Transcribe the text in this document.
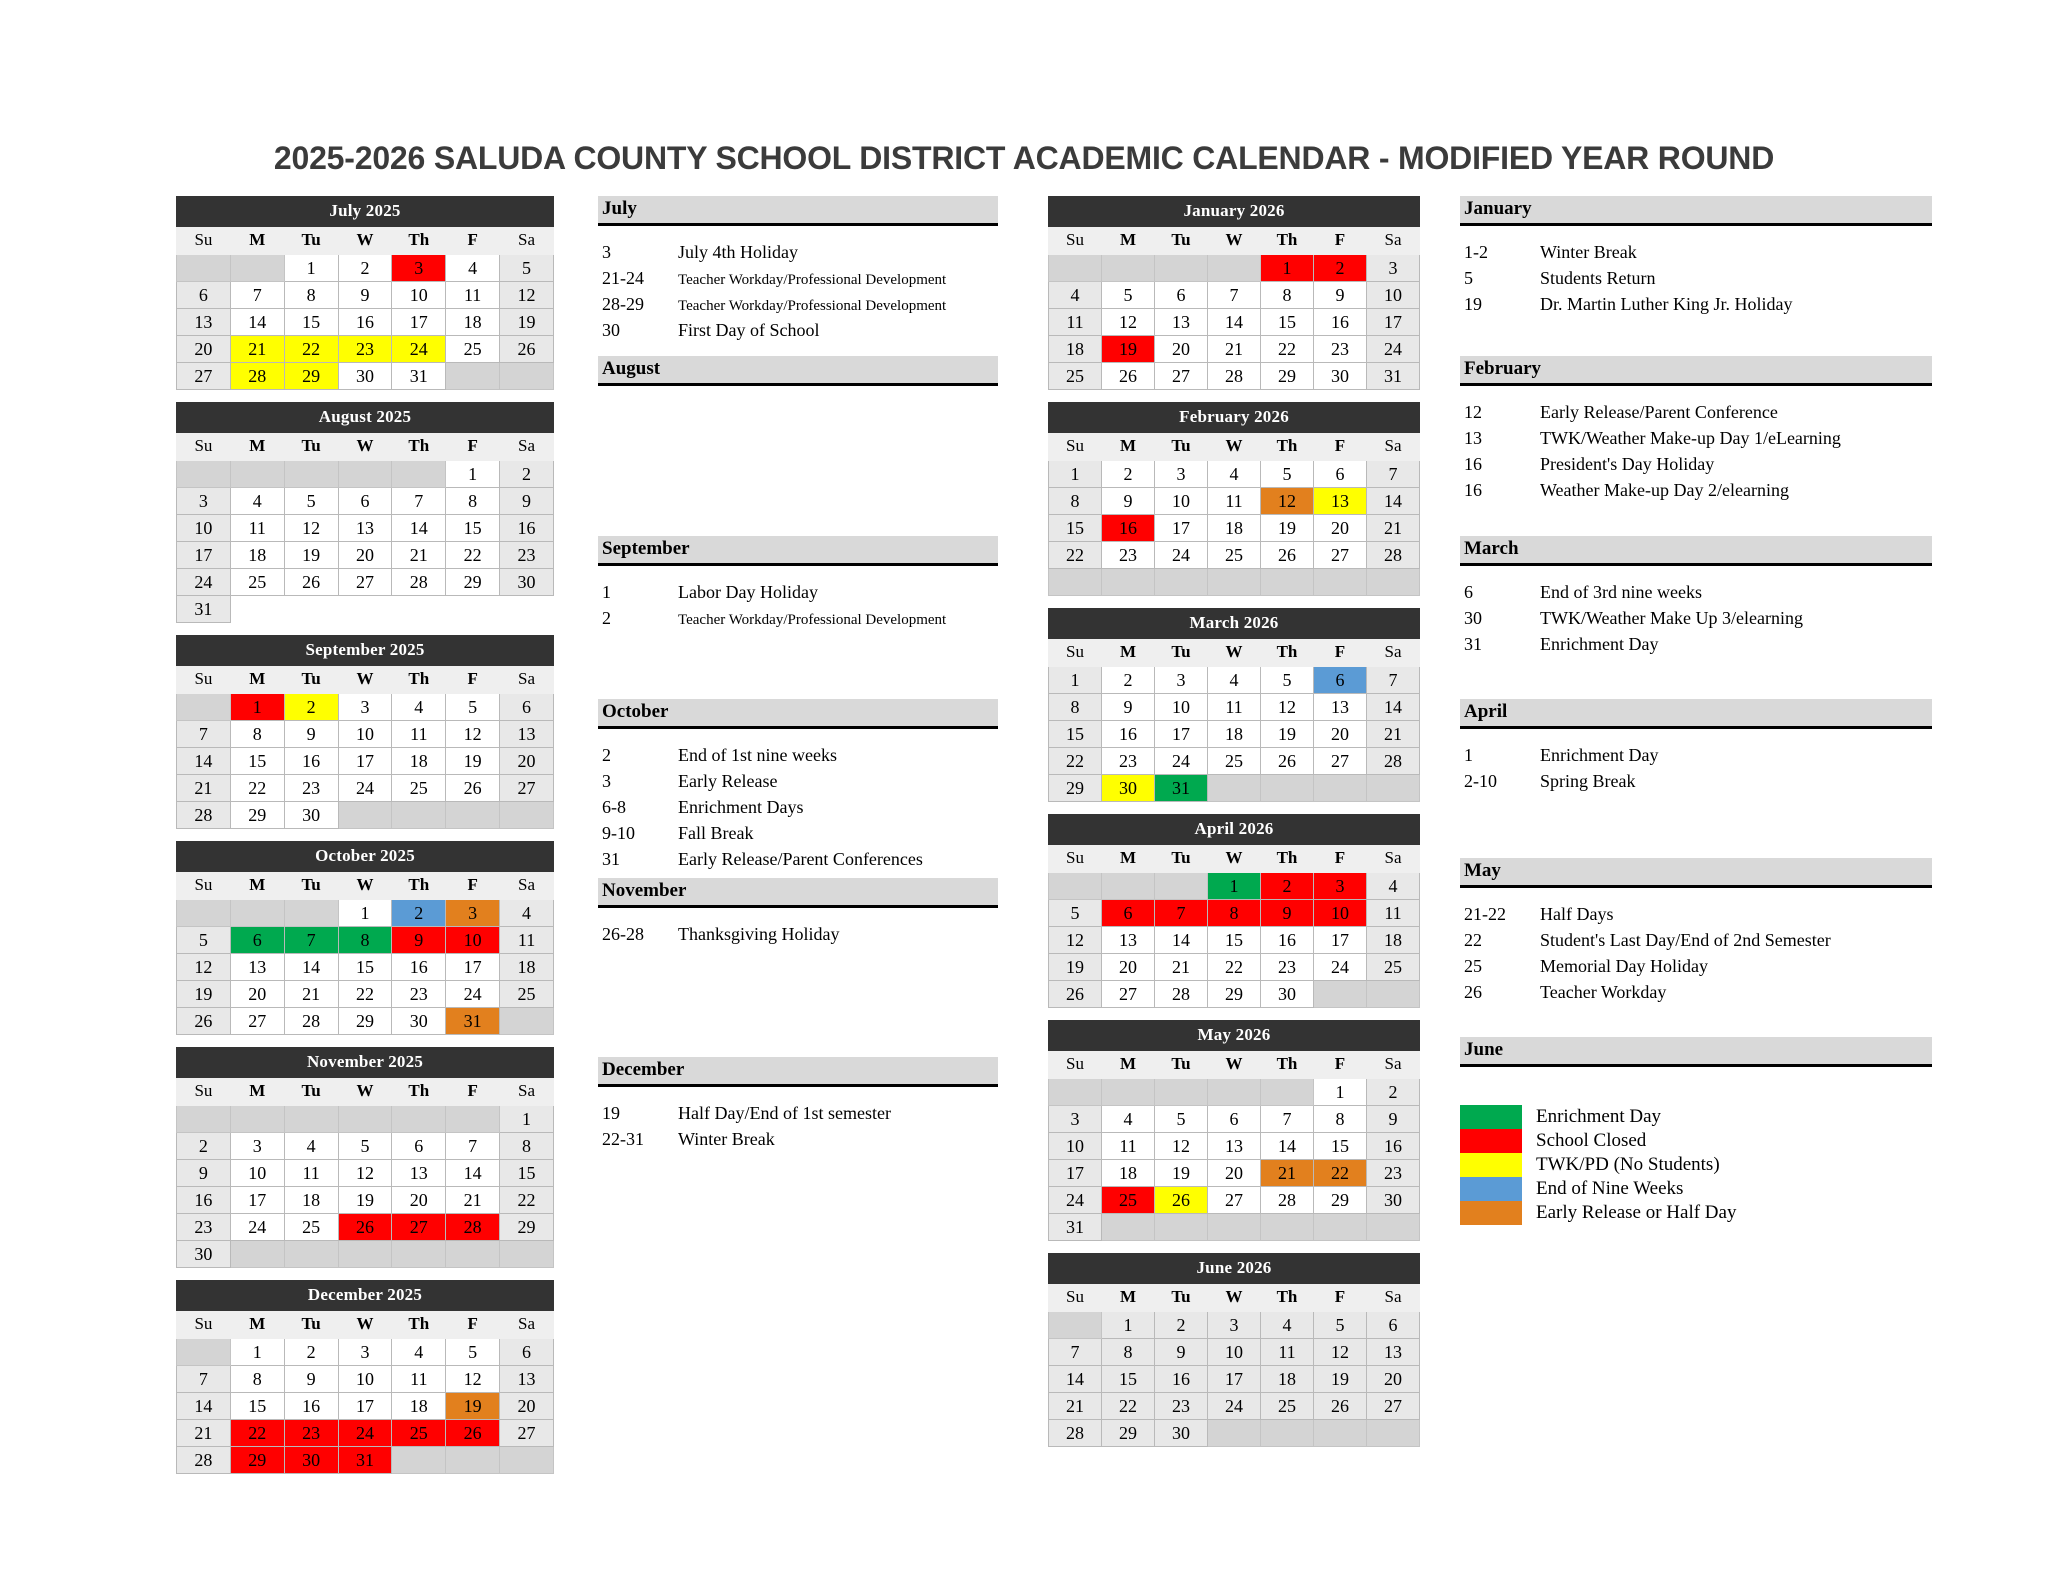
2025-2026 SALUDA COUNTY SCHOOL DISTRICT ACADEMIC CALENDAR - MODIFIED YEAR ROUND
July 2025						
Su	M	Tu	W	Th	F	Sa
		1	2	3	4	5
6	7	8	9	10	11	12
13	14	15	16	17	18	19
20	21	22	23	24	25	26
27	28	29	30	31		
August 2025						
Su	M	Tu	W	Th	F	Sa
					1	2
3	4	5	6	7	8	9
10	11	12	13	14	15	16
17	18	19	20	21	22	23
24	25	26	27	28	29	30
31						
September 2025						
Su	M	Tu	W	Th	F	Sa
	1	2	3	4	5	6
7	8	9	10	11	12	13
14	15	16	17	18	19	20
21	22	23	24	25	26	27
28	29	30				
October 2025						
Su	M	Tu	W	Th	F	Sa
			1	2	3	4
5	6	7	8	9	10	11
12	13	14	15	16	17	18
19	20	21	22	23	24	25
26	27	28	29	30	31	
November 2025						
Su	M	Tu	W	Th	F	Sa
						1
2	3	4	5	6	7	8
9	10	11	12	13	14	15
16	17	18	19	20	21	22
23	24	25	26	27	28	29
30						
December 2025						
Su	M	Tu	W	Th	F	Sa
	1	2	3	4	5	6
7	8	9	10	11	12	13
14	15	16	17	18	19	20
21	22	23	24	25	26	27
28	29	30	31			
July
3	July 4th Holiday
21-24	Teacher Workday/Professional Development
28-29	Teacher Workday/Professional Development
30	First Day of School
August
September
1	Labor Day Holiday
2	Teacher Workday/Professional Development
October
2	End of 1st nine weeks
3	Early Release
6-8	Enrichment Days
9-10	Fall Break
31	Early Release/Parent Conferences
November
26-28	Thanksgiving Holiday
December
19	Half Day/End of 1st semester
22-31	Winter Break
January 2026						
Su	M	Tu	W	Th	F	Sa
				1	2	3
4	5	6	7	8	9	10
11	12	13	14	15	16	17
18	19	20	21	22	23	24
25	26	27	28	29	30	31
February 2026						
Su	M	Tu	W	Th	F	Sa
1	2	3	4	5	6	7
8	9	10	11	12	13	14
15	16	17	18	19	20	21
22	23	24	25	26	27	28

March 2026						
Su	M	Tu	W	Th	F	Sa
1	2	3	4	5	6	7
8	9	10	11	12	13	14
15	16	17	18	19	20	21
22	23	24	25	26	27	28
29	30	31				
April 2026						
Su	M	Tu	W	Th	F	Sa
			1	2	3	4
5	6	7	8	9	10	11
12	13	14	15	16	17	18
19	20	21	22	23	24	25
26	27	28	29	30		
May 2026						
Su	M	Tu	W	Th	F	Sa
					1	2
3	4	5	6	7	8	9
10	11	12	13	14	15	16
17	18	19	20	21	22	23
24	25	26	27	28	29	30
31						
June 2026						
Su	M	Tu	W	Th	F	Sa
	1	2	3	4	5	6
7	8	9	10	11	12	13
14	15	16	17	18	19	20
21	22	23	24	25	26	27
28	29	30				
January
1-2	Winter Break
5	Students Return
19	Dr. Martin Luther King Jr. Holiday
February
12	Early Release/Parent Conference
13	TWK/Weather Make-up Day 1/eLearning
16	President's Day Holiday
16	Weather Make-up Day 2/elearning
March
6	End of 3rd nine weeks
30	TWK/Weather Make Up 3/elearning
31	Enrichment Day
April
1	Enrichment Day
2-10	Spring Break
May
21-22	Half Days
22	Student's Last Day/End of 2nd Semester
25	Memorial Day Holiday
26	Teacher Workday
June
Enrichment Day
School Closed
TWK/PD (No Students)
End of Nine Weeks
Early Release or Half Day
